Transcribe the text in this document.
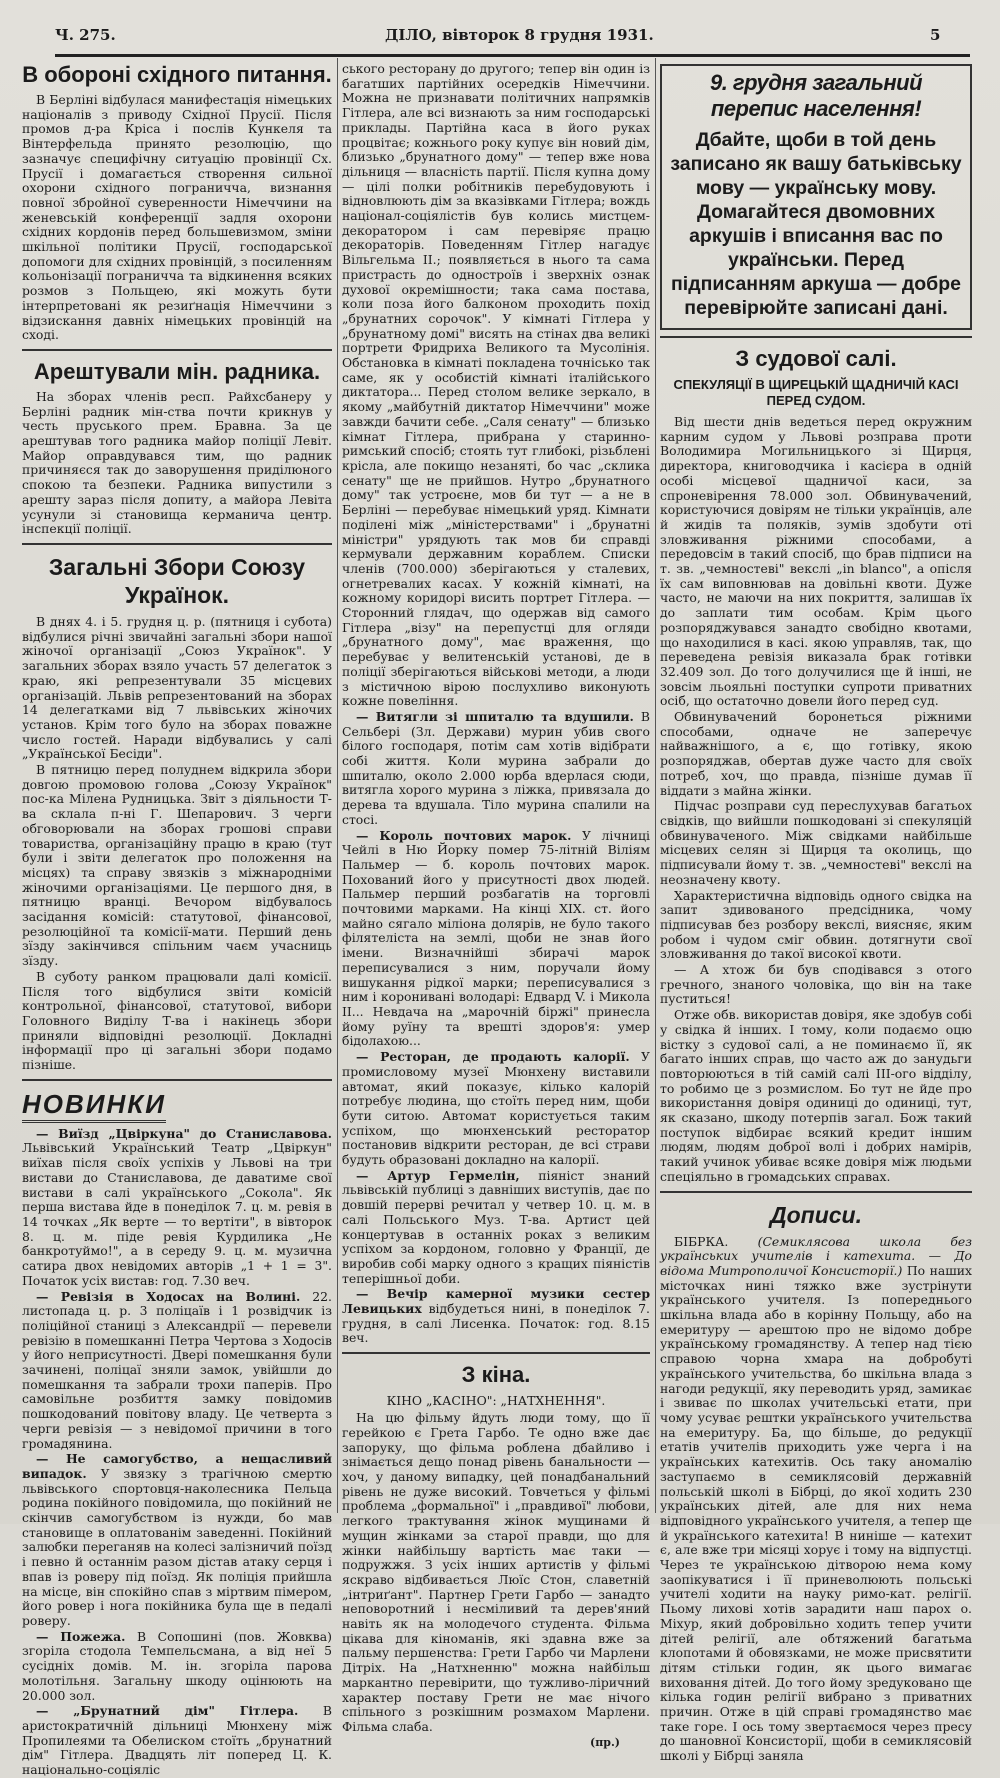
Ч. 275.	ДІЛО, вівторок 8 грудня 1931.	5
В обороні східного питання.

В Берліні відбулася манифестація німецьких націоналів з приводу Східної Прусії. Після промов д-ра Кріса і послів Кункеля та Вінтерфельда принято резолюцію, що зазначує специфічну ситуацію провінції Сх. Прусії і домагається створення сильної охорони східного пограничча, визнання повної збройної суверенности Німеччини на женевській конференції задля охорони східних кордонів перед большевизмом, зміни шкільної політики Прусії, господарської допомоги для східних провінцій, з посиленням кольонізації пограничча та відкинення всяких розмов з Польщею, які можуть бути інтерпретовані як резиґнація Німеччини з відзискання давніх німецьких провінцій на сході.

Арештували мін. радника.

На зборах членів респ. Райхсбанеру у Берліні радник мін-ства почти крикнув у честь пруського прем. Бравна. За це арештував того радника майор поліції Левіт. Майор оправдувався тим, що радник причиняєся так до заворушення приділюного спокою та безпеки. Радника випустили з арешту зараз після допиту, а майора Левіта усунули зі становища керманича центр. інспекції поліції.

Загальні Збори Союзу Українок.

В днях 4. і 5. грудня ц. р. (пятниця і субота) відбулися річні звичайні загальні збори нашої жіночої організації „Союз Українок". У загальних зборах взяло участь 57 делегаток з краю, які репрезентували 35 місцевих організацій. Львів репрезентований на зборах 14 делегатками від 7 львівських жіночих установ. Крім того було на зборах поважне число гостей. Наради відбувались у салі „Української Бесіди".

В пятницю перед полуднем відкрила збори довгою промовою голова „Союзу Українок" пос-ка Мілена Рудницька. Звіт з діяльности Т-ва склала п-ні Г. Шепарович. З черги обговорювали на зборах грошові справи товариства, організаційну працю в краю (тут були і звіти делегаток про положення на місцях) та справу звязків з міжнародніми жіночими організаціями. Це першого дня, в пятницю вранці. Вечором відбувалось засідання комісій: статутової, фінансової, резолюційної та комісії-мати. Перший день зїзду закінчився спільним чаєм учасниць зїзду.

В суботу ранком працювали далі комісії. Після того відбулися звіти комісій контрольної, фінансової, статутової, вибори Головного Виділу Т-ва і накінець збори приняли відповідні резолюції. Докладні інформації про ці загальні збори подамо пізніше.

НОВИНКИ

— Виїзд „Цвіркуна" до Станиславова. Львівський Український Театр „Цвіркун" виїхав після своїх успіхів у Львові на три вистави до Станиславова, де даватиме свої вистави в салі українського „Сокола". Як перша вистава йде в понеділок 7. ц. м. ревія в 14 точках „Як верте — то вертіти", в вівторок 8. ц. м. піде ревія Курдилика „Не банкротуймо!", а в середу 9. ц. м. музична сатира двох невідомих авторів „1 + 1 = 3". Початок усіх вистав: год. 7.30 веч.

— Ревізія в Ходосах на Волині. 22. листопада ц. р. 3 поліцаїв і 1 розвідчик із поліційної станиці з Александрії — перевели ревізію в помешканні Петра Чертова з Ходосів у його неприсутності. Двері помешкання були зачинені, поліцаї зняли замок, увійшли до помешкання та забрали трохи паперів. Про самовільне розбиття замку повідомив пошкодований повітову владу. Це четверта з черги ревізія — з невідомої причини в того громадянина.

— Не самогубство, а нещасливий випадок. У звязку з трагічною смертю львівського спортовця-наколесника Пельца родина покійного повідомила, що покійний не скінчив самогубством із нужди, бо мав становище в оплатованім заведенні. Покійний залюбки переганяв на колесі залізничий поїзд і певно й останнім разом дістав атаку серця і впав із роверу під поїзд. Як поліція прийшла на місце, він спокійно спав з міртвим пімером, його ровер і нога покійника була ще в педалі роверу.

— Пожежа. В Сопошині (пов. Жовква) згоріла стодола Темпельсмана, а від неї 5 сусідніх домів. М. ін. згоріла парова молотільня. Загальну шкоду оцінюють на 20.000 зол.

— „Брунатний дім" Гітлера. В аристократичній дільниці Мюнхену між Пропилеями та Обелиском стоїть „брунатний дім" Гітлера. Двадцять літ поперед Ц. К. національно-соціяліс

ського ресторану до другого; тепер він один із багатших партійних осередків Німеччини. Можна не признавати політичних напрямків Гітлера, але всі визнають за ним господарські приклады. Партійна каса в його руках процвітає; кожнього року купує він новий дім, близько „брунатного дому" — тепер вже нова дільниця — власність партії. Після купна дому — цілі полки робітників перебудовують і відновлюють дім за вказівками Гітлера; вождь націонал-соціялістів був колись мистцем-декоратором і сам перевіряє працю декораторів. Поведенням Гітлер нагадує Вільгельма II.; появляється в нього та сама пристрасть до одностроїв і зверхніх ознак духової окремішности; така сама постава, коли поза його балконом проходить похід „брунатних сорочок". У кімнаті Гітлера у „брунатному домі" висять на стінах два великі портрети Фридриха Великого та Мусолінія. Обстановка в кімнаті покладена точнісько так саме, як у особистій кімнаті італійського диктатора... Перед столом велике зеркало, в якому „майбутній диктатор Німеччини" може завжди бачити себе. „Саля сенату" — близько кімнат Гітлера, прибрана у старинно-римський спосіб; стоять тут глибокі, різьблені крісла, але покищо незанятi, бо час „склика сенату" ще не прийшов. Нутро „брунатного дому" так устроєне, мов би тут — а не в Берліні — перебуває німецький уряд. Кімнати поділені між „міністерствами" і „брунатні міністри" урядують так мов би справді кермували державним кораблем. Списки членів (700.000) зберігаються у сталевих, огнетревалих касах. У кожній кімнаті, на кожному коридорі висить портрет Гітлера. — Сторонний глядач, що одержав від самого Гітлера „візу" на перепустці для огляди „брунатного дому", має враження, що перебуває у велитенській установі, де в поліції зберігаються військові методи, а люди з містичною вірою послухливо виконують кожне повеління.

— Витягли зі шпиталю та вдушили. В Сельбері (Зл. Держави) мурин убив свого білого господаря, потім сам хотів відібрати собі життя. Коли мурина забрали до шпиталю, около 2.000 юрбa вдерлася сюди, витягла хорого мурина з ліжка, привязала до дерева та вдушала. Тіло мурина спалили на стосі.

— Король почтових марок. У лічниці Чейлі в Ню Йорку помер 75-літній Віліям Пальмер — б. король почтових марок. Похований його у присутності двох людей. Пальмер перший розбагатів на торговлі почтовими марками. На кінці XIX. ст. його майно сягало міліона долярів, не було такого філятеліста на землі, щоби не знав його імени. Визначнійші збирачі марок переписувалися з ним, поручали йому вишукання рідкої марки; переписувалися з ним і коронивані володарі: Едвард V. і Микола II... Невдача на „марочній біржі" принесла йому руїну та врешті здоров'я: умер бідолахою...

— Ресторан, де продають калорії. У промисловому музеї Мюнхену виставили автомат, який показує, кілько калорій потребує людина, що стоїть перед ним, щоби бути ситою. Автомат користується таким успіхом, що мюнхенський ресторатор постановив відкрити ресторан, де всі страви будуть образовані докладно на калорії.

— Артур Гермелін, піяніст знаний львівській публиці з давніших виступів, дає по довшій перерві речитал у четвер 10. ц. м. в салі Польського Муз. Т-ва. Артист цей концертував в останніх роках з великим успіхом за кордоном, головно у Франції, де виробив собі марку одного з кращих піяністів теперішньої доби.

— Вечір камерної музики сестер Левицьких відбудеться нині, в понеділок 7. грудня, в салі Лисенка. Початок: год. 8.15 веч.

З кіна.
КІНО „КАСІНО": „НАТХНЕННЯ".

На цю фільму йдуть люди тому, що її герейкою є Грета Гарбо. Те одно вже дає запоруку, що фільма роблена дбайливо і знімається дещо понад рівень банальности — хоч, у даному випадку, цей понадбанальний рівень не дуже високий. Товчеться у фільмі проблема „формальної" і „правдивої" любови, легкого трактування жінок мущинами й мущин жінками за старої правди, що для жінки найбільшу вартість має таки — подружжя. З усіх інших артистів у фільмі яскраво відбивається Люїс Стон, славетній „інтриґант". Партнер Грети Гарбо — занадто неповоротний і несміливий та дерев'яний навіть як на молодечого студента. Фільма цікава для кіноманів, які здавна вже за пальму першенства: Грети Гарбо чи Марлени Дітріх. На „Натхненню" можна найбільш маркантно перевірити, що тужливо-ліричний характер поставу Грети не має нічого спільного з розкішним розмахом Марлени. Фільма слаба.

(пр.)
9. грудня загальний перепис населення!
Дбайте, щоби в той день записано як вашу батьківську мову — українську мову. Домагайтеся двомовних аркушів і вписання вас по українськи. Перед підписанням аркуша — добре перевірюйте записані дані.
З судової салі.
СПЕКУЛЯЦІЇ В ЩИРЕЦЬКІЙ ЩАДНИЧІЙ КАСІ ПЕРЕД СУДОМ.

Від шести днів ведеться перед окружним карним судом у Львові розправа проти Володимира Могильницького зі Щирця, директора, книговодчика і касієра в одній особі місцевої щадничої каси, за спроневірення 78.000 зол. Обвинувачений, користуючися довірям не тільки українців, але й жидів та поляків, зумів здобути оті зловживання ріжними способами, а передовсім в такий спосіб, що брав підписи на т. зв. „чемностеві" векслі „in blanco", а опісля їх сам виповнював на довільні квоти. Дуже часто, не маючи на них покриття, залишав їх до заплати тим особам. Крім цього розпоряджувався занадто свобідно квотами, що находилися в касі. якою управляв, так, що переведена ревізія виказала брак готівки 32.409 зол. До того долучилися ще й інші, не зовсім льояльні поступки супроти приватних осіб, що остаточно довели його перед суд.

Обвинувачений боронеться ріжними способами, одначе не заперечує найважнішого, а є, що готівку, якою розпоряджав, обертав дуже часто для своїх потреб, хоч, що правда, пізніше думав її віддати з майна жінки.

Підчас розправи суд переслухував багатьох свідків, що вийшли пошкодованi зі спекуляцій обвинуваченого. Між свідками найбільше місцевих селян зі Щирця та околиць, що підписували йому т. зв. „чемностеві" векслі на неозначену квоту.

Характеристична відповідь одного свідка на запит здивованого предсідника, чому підписував без розбору векслі, виясняє, яким робом і чудом сміг обвин. дотягнути свої зловживання до такої високої квоти.

— А хтож би був сподівався з отого гречного, знаного чоловіка, що він на таке пуститься!

Отже обв. використав довіря, яке здобув собі у свідка й інших. І тому, коли подаємо оцю вістку з судової салі, а не поминаємо її, як багато інших справ, що часто аж до занудьги повторюються в тій самій салі ІІІ-ого відділу, то робимо це з розмислом. Бо тут не йде про використання довіря одиниці до одиниці, тут, як сказано, шкоду потерпів загал. Бож такий поступок відбирає всякий кредит іншим людям, людям доброї волі і добрих намірів, такий учинок убиває всяке довіря між людьми спеціяльно в громадських справах.

Дописи.

БІБРКА. (Семиклясова школа без українських учителів і катехита. — До відома Митрополичої Консисторії.) По наших місточках нині тяжко вже зустрінути українського учителя. Із попереднього шкільна влада або в корінну Польщу, або на емеритуру — арештою про не відомо добре українському громадянству. А тепер над тією справою чорна хмара на добробуті українського учительства, бо шкільна влада з нагоди редукції, яку переводить уряд, замикає і звиває по школах учительські етати, при чому усуває рештки українського учительства на емеритуру. Ба, що більше, до редукції етатів учителів приходить уже черга і на українських катехитів. Ось таку аномалію заступаємо в семиклясовій державній польській школі в Бібрці, до якої ходить 230 українських дітей, але для них нема відповідного українського учителя, а тепер ще й українського катехита! В ниніше — катехит є, але вже три місяці хорує і тому на відпустці. Через те українською дітворою нема кому заопікуватися і її приневолюють польські учителі ходити на науку римо-кат. релігії. Пьому лихові хотів зарадити наш парох о. Міхур, який добровільно ходить тепер учити дітей релігії, але обтяжений багатьма клопотами й обовязками, не може присвятити дітям стільки годин, як цього вимагає виховання дітей. До того йому зредуковано ще кілька годин релігії вибрано з приватних причин. Отже в цій справі громадянство має таке горе. І ось тому звертаємося через пресу до шановної Консисторії, щоби в семиклясовій школі у Бібрці заняла
